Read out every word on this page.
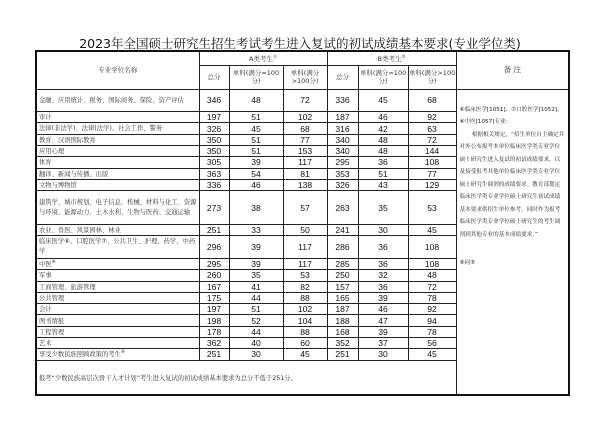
2023年全国硕士研究生招生考试考生进入复试的初试成绩基本要求(专业学位类)
专业学位名称	A类考生①			B类考生②			备 注
	总分	单科(满分=100分)	单科(满分>100分)	总分	单科(满分=100分)	单科(满分>100分)	
金融、应用统计、税务、国际商务、保险、资产评估	346	48	72	336	45	68	⑥临床医学[1051]、⑦口腔医学[1052]、⑧中医[1057]专业：

根据相关规定，“招生单位自主确定并对外公布报考本单位临床医学类专业学位硕士研究生进入复试的初试成绩要求，以及接受报考其他单位临床医学类专业学位硕士研究生调剂的成绩要求。教育部划定临床医学类专业学位硕士研究生初试成绩基本要求供招生单位参考，同时作为报考临床医学类专业学位硕士研究生的考生调剂到其他专业的基本成绩要求。”

⑨同⑤

审计	197	51	102	187	46	92	
法律(非法学)、法律(法学)、社会工作、警务	326	45	68	316	42	63	
教育、汉语国际教育	350	51	77	340	48	72	
应用心理	350	51	153	340	48	144	
体育	305	39	117	295	36	108	
翻译、新闻与传播、出版	363	54	81	353	51	77	
文物与博物馆	336	46	138	326	43	129	
建筑学、城市规划、电子信息、机械、材料与化工、资源与环境、能源动力、土木水利、生物与医药、交通运输	273	38	57	263	35	53	
农业、兽医、风景园林、林业	251	33	50	241	30	45	
临床医学⑥、口腔医学⑦、公共卫生、护理、药学、中药学	296	39	117	286	36	108	
中医⑧	295	39	117	285	36	108	
军事	260	35	53	250	32	48	
工商管理、旅游管理	167	41	82	157	36	72	
公共管理	175	44	88	165	39	78	
会计	197	51	102	187	46	92	
图书情报	198	52	104	188	47	94	
工程管理	178	44	88	168	39	78	
艺术	362	40	60	352	37	56	
享受少数民族照顾政策的考生⑨	251	30	45	251	30	45	
报考“少数民族高层次骨干人才计划”考生进入复试的初试成绩基本要求为总分不低于251分。							
